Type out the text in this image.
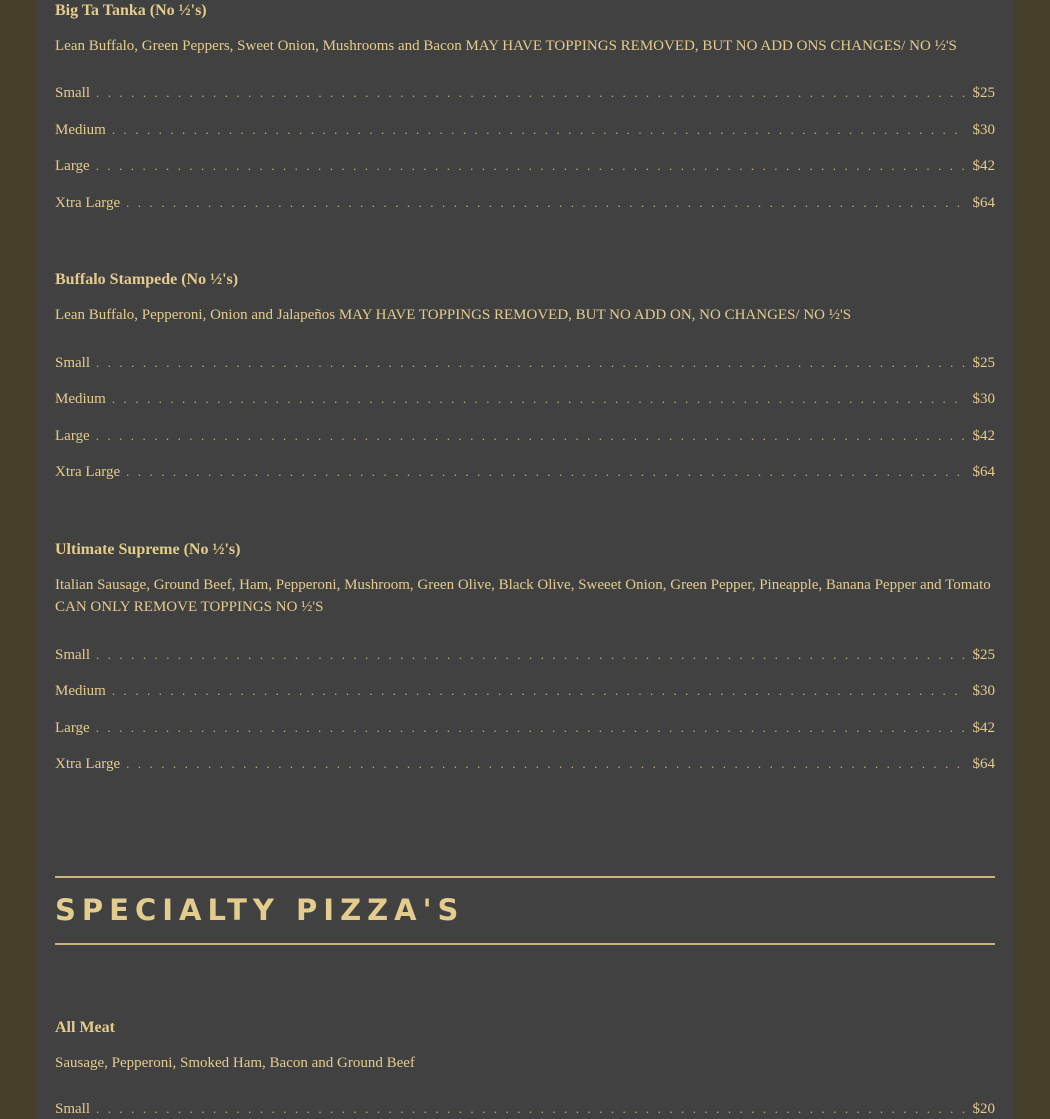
Big Ta Tanka (No ½'s)

Lean Buffalo, Green Peppers, Sweet Onion, Mushrooms and Bacon MAY HAVE TOPPINGS REMOVED, BUT NO ADD ONS CHANGES/ NO ½'S

Small . . .	$25
Medium . . .	$30
Large . . .	$42
Xtra Large . . .	$64
Buffalo Stampede (No ½'s)

Lean Buffalo, Pepperoni, Onion and Jalapeños MAY HAVE TOPPINGS REMOVED, BUT NO ADD ON, NO CHANGES/ NO ½'S

Small . . .	$25
Medium . . .	$30
Large . . .	$42
Xtra Large . . .	$64
Ultimate Supreme (No ½'s)

Italian Sausage, Ground Beef, Ham, Pepperoni, Mushroom, Green Olive, Black Olive, Sweeet Onion, Green Pepper, Pineapple, Banana Pepper and Tomato CAN ONLY REMOVE TOPPINGS NO ½'S

Small . . .	$25
Medium . . .	$30
Large . . .	$42
Xtra Large . . .	$64
SPECIALTY PIZZA'S
All Meat

Sausage, Pepperoni, Smoked Ham, Bacon and Ground Beef

Small . . .	$20
